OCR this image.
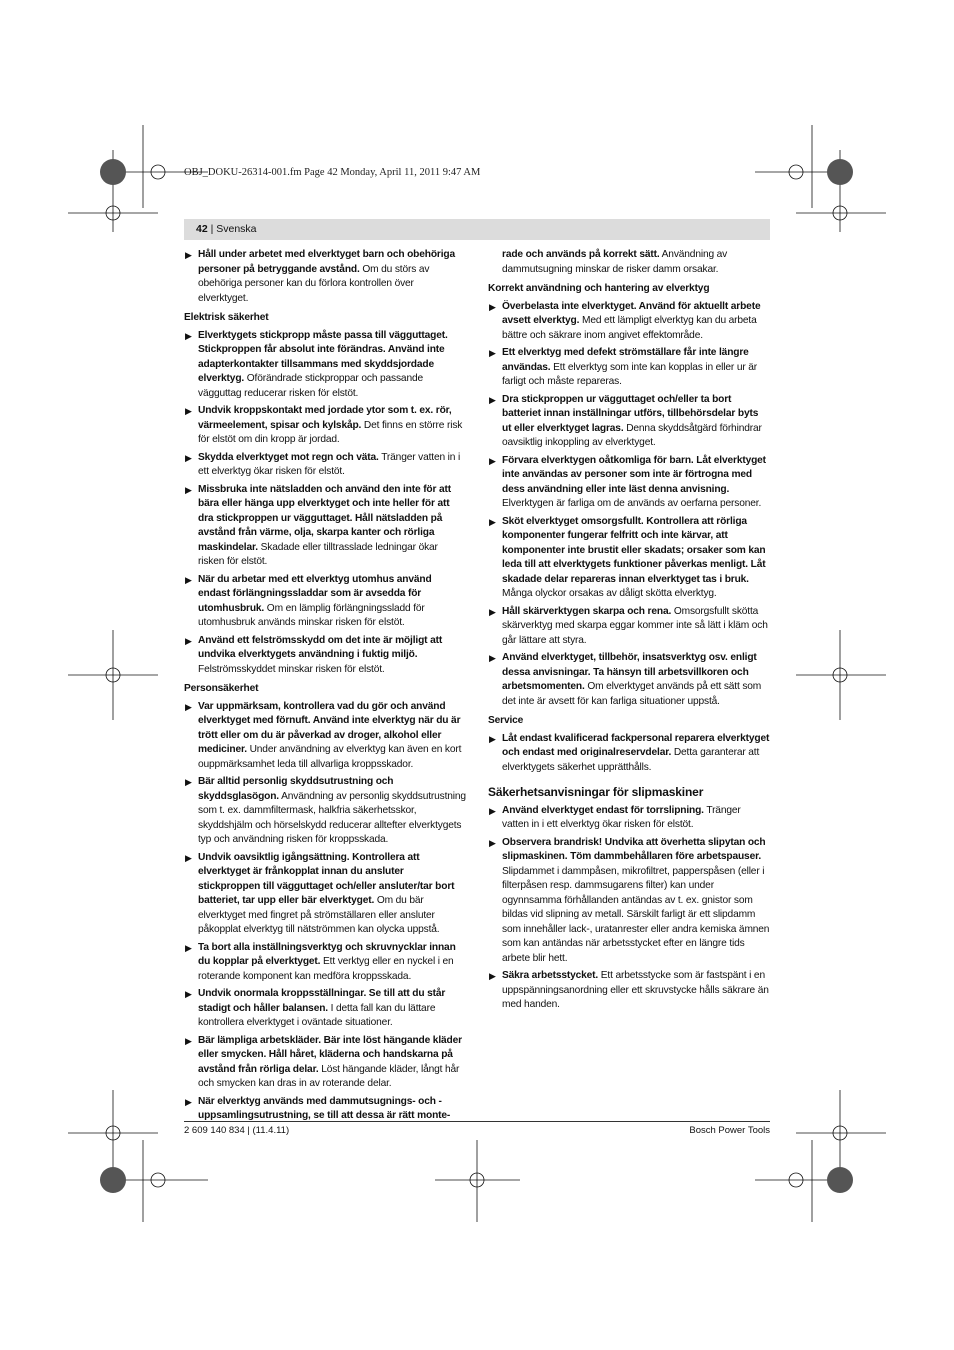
OBJ_DOKU-26314-001.fm Page 42 Monday, April 11, 2011 9:47 AM
42 | Svenska
▶ Håll under arbetet med elverktyget barn och obehöriga personer på betryggande avstånd. Om du störs av obehöriga personer kan du förlora kontrollen över elverktyget.
Elektrisk säkerhet
▶ Elverktygets stickpropp måste passa till vägguttaget. Stickproppen får absolut inte förändras. Använd inte adapterkontakter tillsammans med skyddsjordade elverktyg. Oförändrade stickproppar och passande vägguttag reducerar risken för elstöt.
▶ Undvik kroppskontakt med jordade ytor som t. ex. rör, värmeelement, spisar och kylskåp. Det finns en större risk för elstöt om din kropp är jordad.
▶ Skydda elverktyget mot regn och väta. Tränger vatten in i ett elverktyg ökar risken för elstöt.
▶ Missbruka inte nätsladden och använd den inte för att bära eller hänga upp elverktyget och inte heller för att dra stickproppen ur vägguttaget. Håll nätsladden på avstånd från värme, olja, skarpa kanter och rörliga maskindelar. Skadade eller tilltrasslade ledningar ökar risken för elstöt.
▶ När du arbetar med ett elverktyg utomhus använd endast förlängningssladdar som är avsedda för utomhusbruk. Om en lämplig förlängningssladd för utomhusbruk används minskar risken för elstöt.
▶ Använd ett felströmsskydd om det inte är möjligt att undvika elverktygets användning i fuktig miljö. Felströmsskyddet minskar risken för elstöt.
Personsäkerhet
▶ Var uppmärksam, kontrollera vad du gör och använd elverktyget med förnuft. Använd inte elverktyg när du är trött eller om du är påverkad av droger, alkohol eller mediciner. Under användning av elverktyg kan även en kort ouppmärksamhet leda till allvarliga kroppsskador.
▶ Bär alltid personlig skyddsutrustning och skyddsglasögon. Användning av personlig skyddsutrustning som t. ex. dammfiltermask, halkfria säkerhetsskor, skyddshjälm och hörselskydd reducerar alltefter elverktygets typ och användning risken för kroppsskada.
▶ Undvik oavsiktlig igångsättning. Kontrollera att elverktyget är frånkopplat innan du ansluter stickproppen till vägguttaget och/eller ansluter/tar bort batteriet, tar upp eller bär elverktyget. Om du bär elverktyget med fingret på strömställaren eller ansluter påkopplat elverktyg till nätströmmen kan olycka uppstå.
▶ Ta bort alla inställningsverktyg och skruvnycklar innan du kopplar på elverktyget. Ett verktyg eller en nyckel i en roterande komponent kan medföra kroppsskada.
▶ Undvik onormala kroppsställningar. Se till att du står stadigt och håller balansen. I detta fall kan du lättare kontrollera elverktyget i oväntade situationer.
▶ Bär lämpliga arbetskläder. Bär inte löst hängande kläder eller smycken. Håll håret, kläderna och handskarna på avstånd från rörliga delar. Löst hängande kläder, långt hår och smycken kan dras in av roterande delar.
▶ När elverktyg används med dammutsugnings- och -uppsamlingsutrustning, se till att dessa är rätt monte-
rade och används på korrekt sätt. Användning av dammutsugning minskar de risker damm orsakar.
Korrekt användning och hantering av elverktyg
▶ Överbelasta inte elverktyget. Använd för aktuellt arbete avsett elverktyg. Med ett lämpligt elverktyg kan du arbeta bättre och säkrare inom angivet effektområde.
▶ Ett elverktyg med defekt strömställare får inte längre användas. Ett elverktyg som inte kan kopplas in eller ur är farligt och måste repareras.
▶ Dra stickproppen ur vägguttaget och/eller ta bort batteriet innan inställningar utförs, tillbehörsdelar byts ut eller elverktyget lagras. Denna skyddsåtgärd förhindrar oavsiktlig inkoppling av elverktyget.
▶ Förvara elverktygen oåtkomliga för barn. Låt elverktyget inte användas av personer som inte är förtrogna med dess användning eller inte läst denna anvisning. Elverktygen är farliga om de används av oerfarna personer.
▶ Sköt elverktyget omsorgsfullt. Kontrollera att rörliga komponenter fungerar felfritt och inte kärvar, att komponenter inte brustit eller skadats; orsaker som kan leda till att elverktygets funktioner påverkas menligt. Låt skadade delar repareras innan elverktyget tas i bruk. Många olyckor orsakas av dåligt skötta elverktyg.
▶ Håll skärverktygen skarpa och rena. Omsorgsfullt skötta skärverktyg med skarpa eggar kommer inte så lätt i kläm och går lättare att styra.
▶ Använd elverktyget, tillbehör, insatsverktyg osv. enligt dessa anvisningar. Ta hänsyn till arbetsvillkoren och arbetsmomenten. Om elverktyget används på ett sätt som det inte är avsett för kan farliga situationer uppstå.
Service
▶ Låt endast kvalificerad fackpersonal reparera elverktyget och endast med originalreservdelar. Detta garanterar att elverktygets säkerhet upprätthålls.
Säkerhetsanvisningar för slipmaskiner
▶ Använd elverktyget endast för torrslipning. Tränger vatten in i ett elverktyg ökar risken för elstöt.
▶ Observera brandrisk! Undvika att överhetta slipytan och slipmaskinen. Töm dammbehållaren före arbetspauser. Slipdammet i dammpåsen, mikrofiltret, papperspåsen (eller i filterpåsen resp. dammsugarens filter) kan under ogynnsamma förhållanden antändas av t. ex. gnistor som bildas vid slipning av metall. Särskilt farligt är ett slipdamm som innehåller lack-, uratanrester eller andra kemiska ämnen som kan antändas när arbetsstycket efter en längre tids arbete blir hett.
▶ Säkra arbetsstycket. Ett arbetsstycke som är fastspänt i en uppspänningsanordning eller ett skruvstycke hålls säkrare än med handen.
2 609 140 834 | (11.4.11)	Bosch Power Tools
